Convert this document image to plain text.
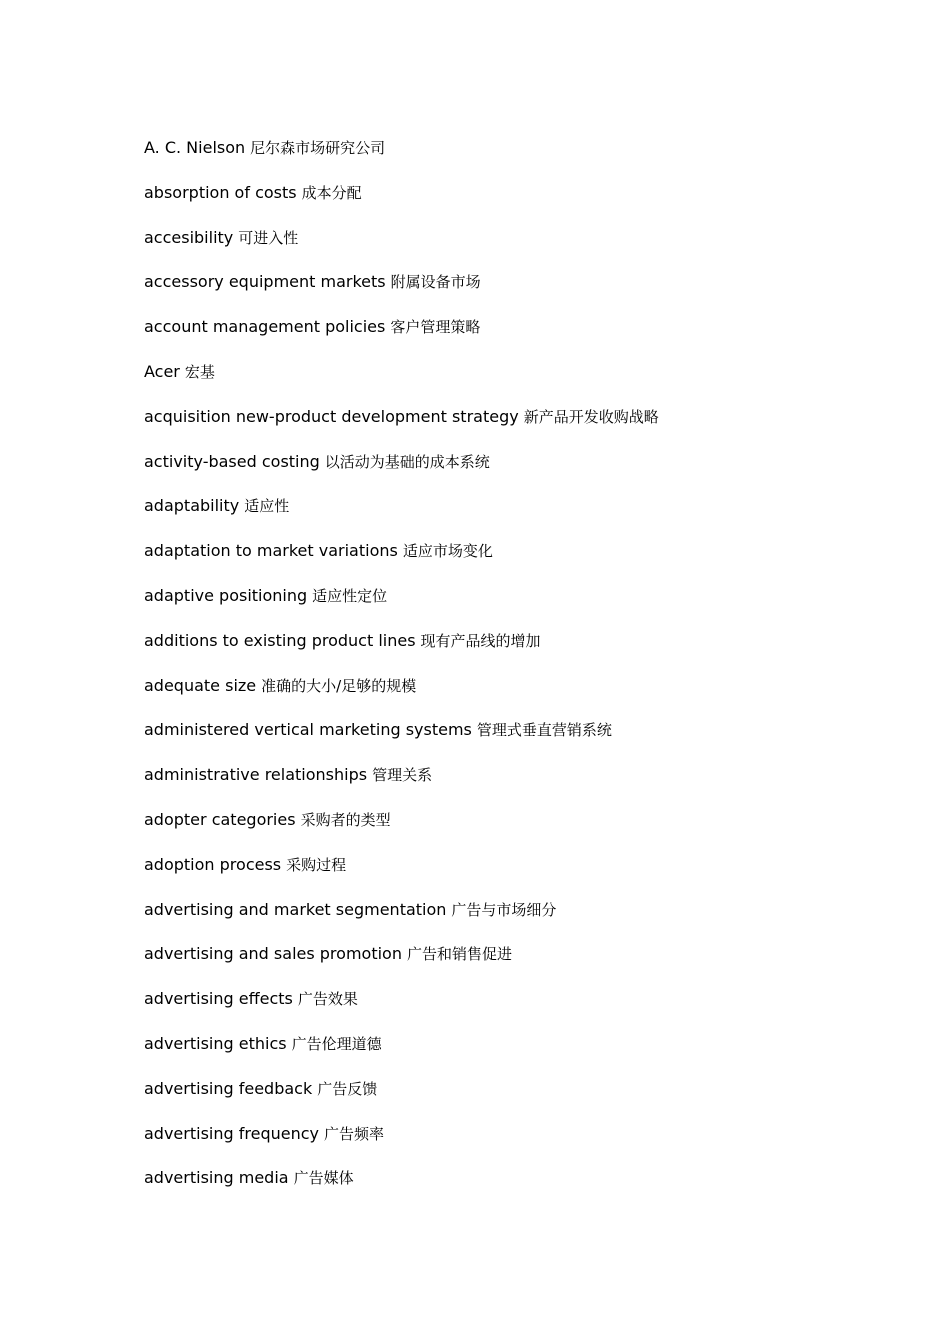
A. C. Nielson 尼尔森市场研究公司
absorption of costs 成本分配
accesibility 可进入性
accessory equipment markets 附属设备市场
account management policies 客户管理策略
Acer 宏基
acquisition new-product development strategy 新产品开发收购战略
activity-based costing 以活动为基础的成本系统
adaptability 适应性
adaptation to market variations 适应市场变化
adaptive positioning 适应性定位
additions to existing product lines 现有产品线的增加
adequate size 准确的大小/足够的规模
administered vertical marketing systems 管理式垂直营销系统
administrative relationships 管理关系
adopter categories 采购者的类型
adoption process 采购过程
advertising and market segmentation 广告与市场细分
advertising and sales promotion 广告和销售促进
advertising effects 广告效果
advertising ethics 广告伦理道德
advertising feedback 广告反馈
advertising frequency 广告频率
advertising media 广告媒体
